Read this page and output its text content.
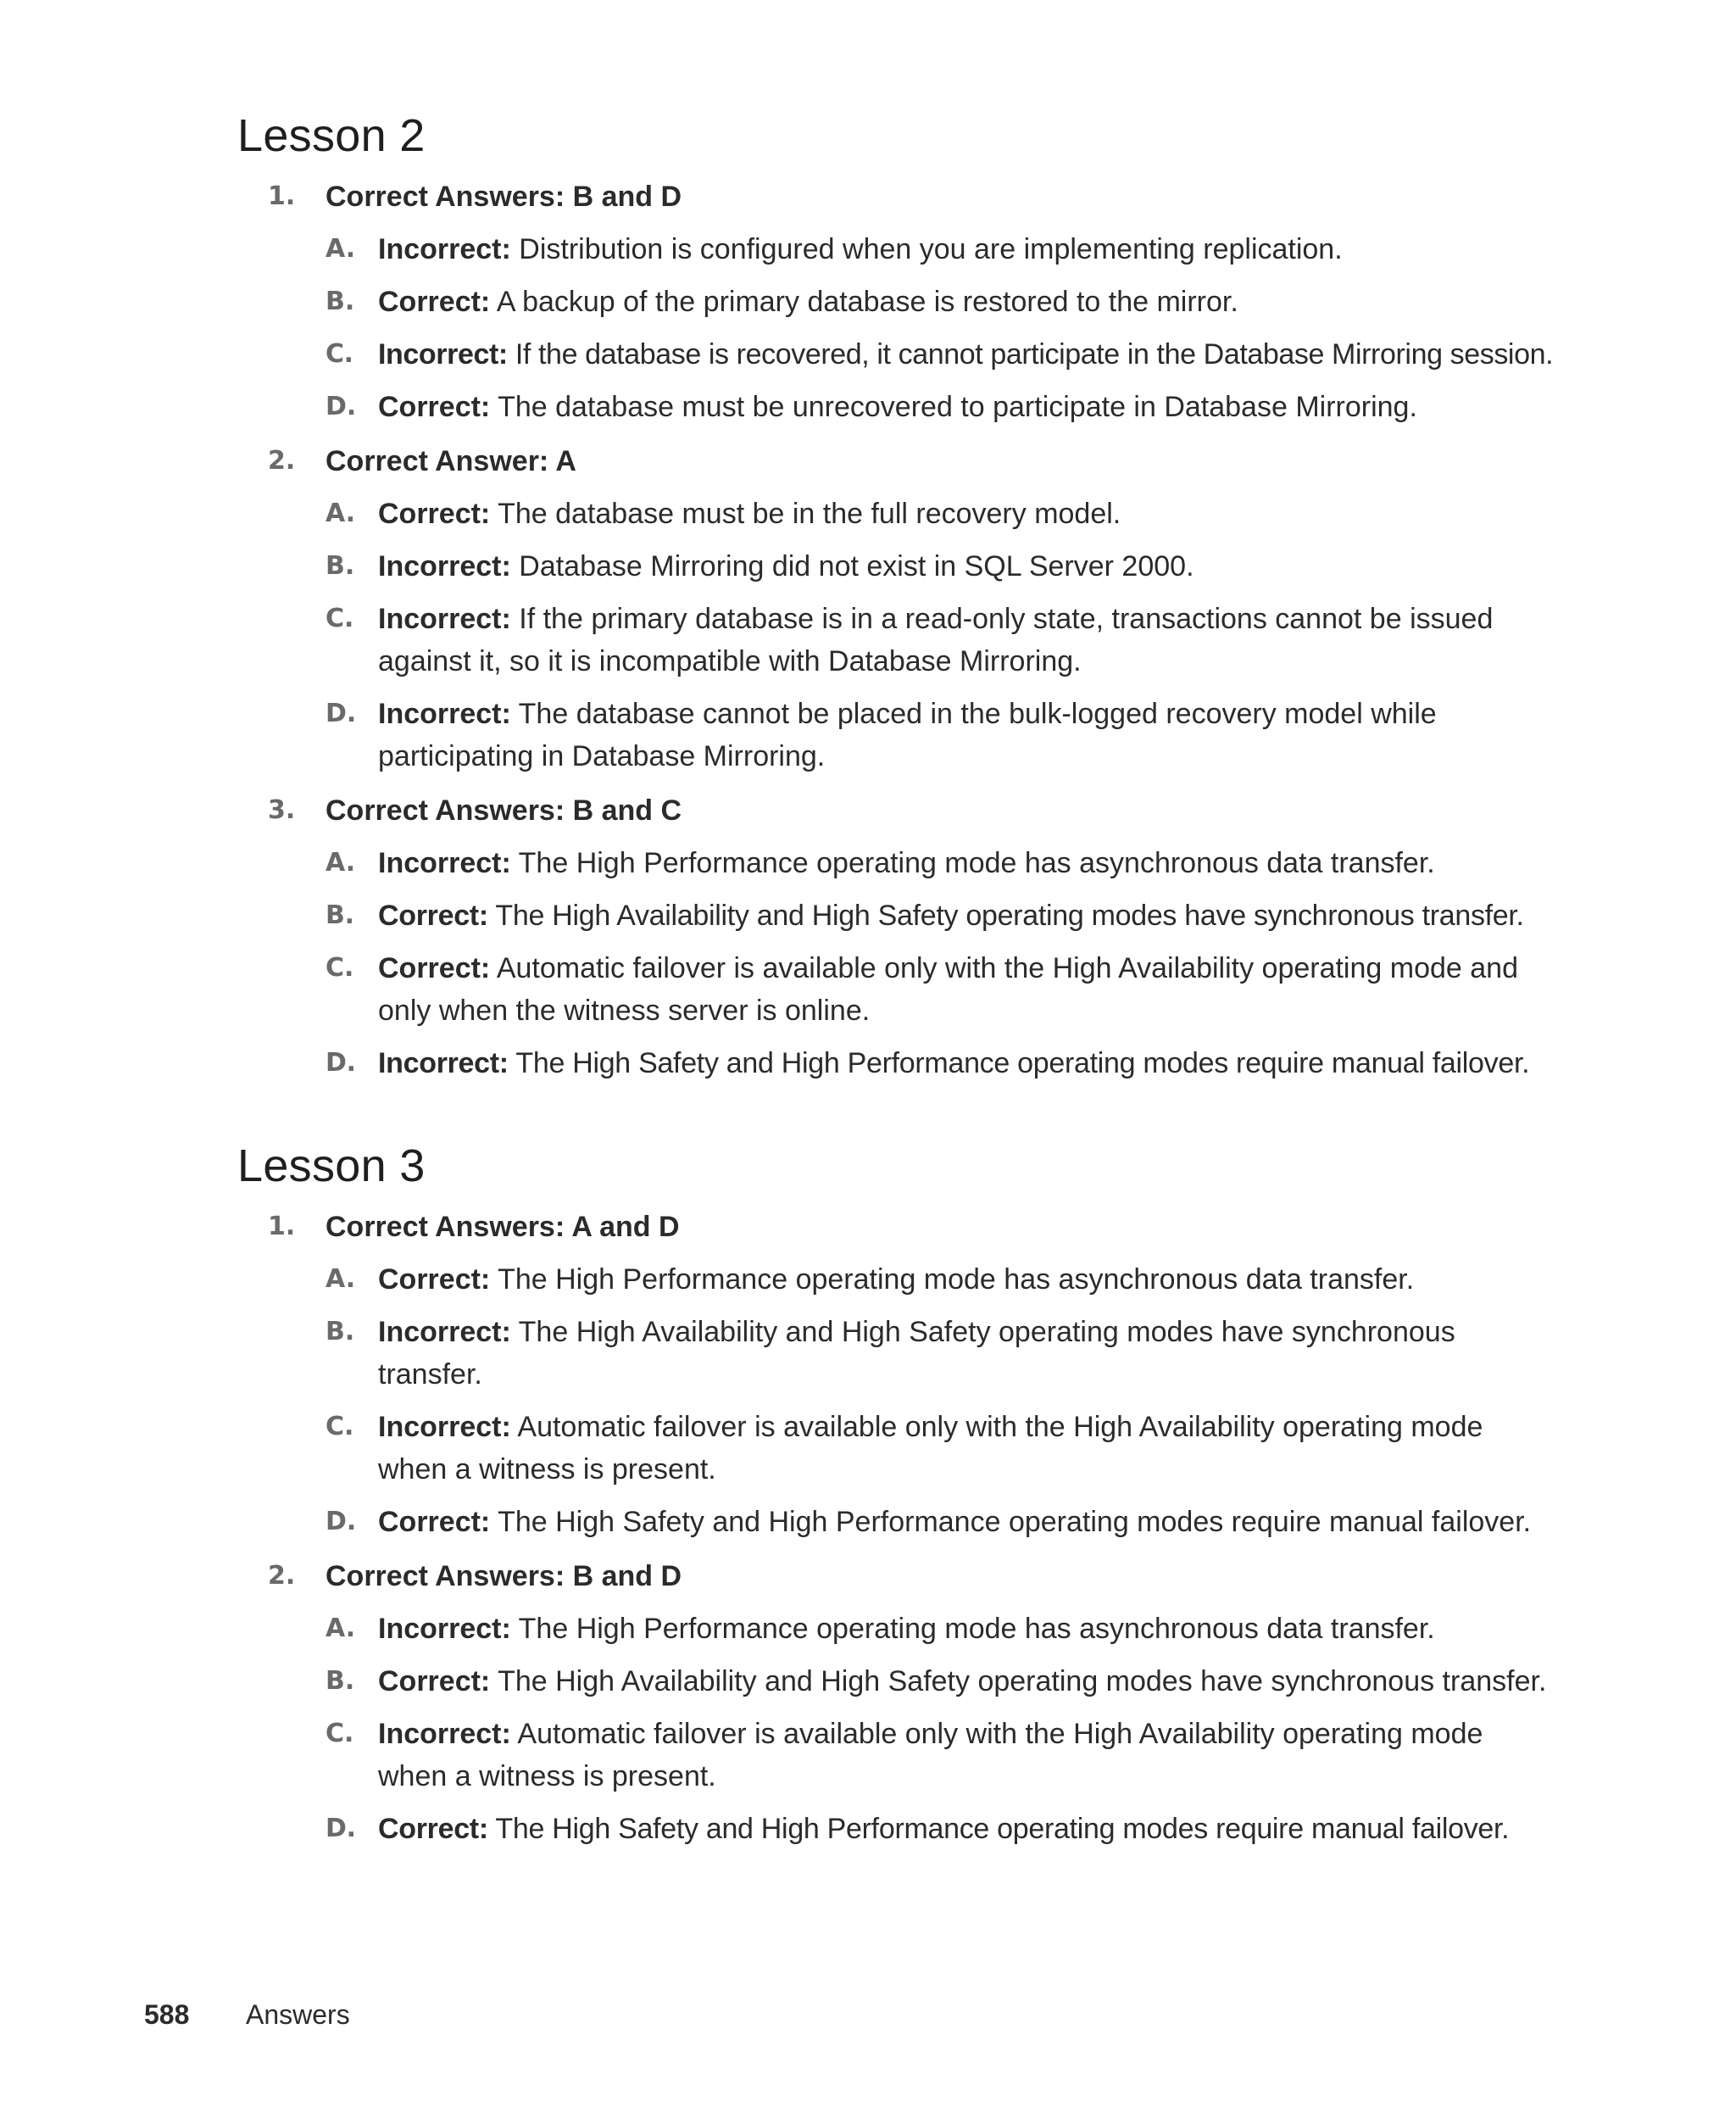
Lesson 2
1. Correct Answers: B and D
A. Incorrect: Distribution is configured when you are implementing replication.
B. Correct: A backup of the primary database is restored to the mirror.
C. Incorrect: If the database is recovered, it cannot participate in the Database Mirroring session.
D. Correct: The database must be unrecovered to participate in Database Mirroring.
2. Correct Answer: A
A. Correct: The database must be in the full recovery model.
B. Incorrect: Database Mirroring did not exist in SQL Server 2000.
C. Incorrect: If the primary database is in a read-only state, transactions cannot be issued against it, so it is incompatible with Database Mirroring.
D. Incorrect: The database cannot be placed in the bulk-logged recovery model while participating in Database Mirroring.
3. Correct Answers: B and C
A. Incorrect: The High Performance operating mode has asynchronous data transfer.
B. Correct: The High Availability and High Safety operating modes have synchronous transfer.
C. Correct: Automatic failover is available only with the High Availability operating mode and only when the witness server is online.
D. Incorrect: The High Safety and High Performance operating modes require manual failover.
Lesson 3
1. Correct Answers: A and D
A. Correct: The High Performance operating mode has asynchronous data transfer.
B. Incorrect: The High Availability and High Safety operating modes have synchronous transfer.
C. Incorrect: Automatic failover is available only with the High Availability operating mode when a witness is present.
D. Correct: The High Safety and High Performance operating modes require manual failover.
2. Correct Answers: B and D
A. Incorrect: The High Performance operating mode has asynchronous data transfer.
B. Correct: The High Availability and High Safety operating modes have synchronous transfer.
C. Incorrect: Automatic failover is available only with the High Availability operating mode when a witness is present.
D. Correct: The High Safety and High Performance operating modes require manual failover.
588 Answers
